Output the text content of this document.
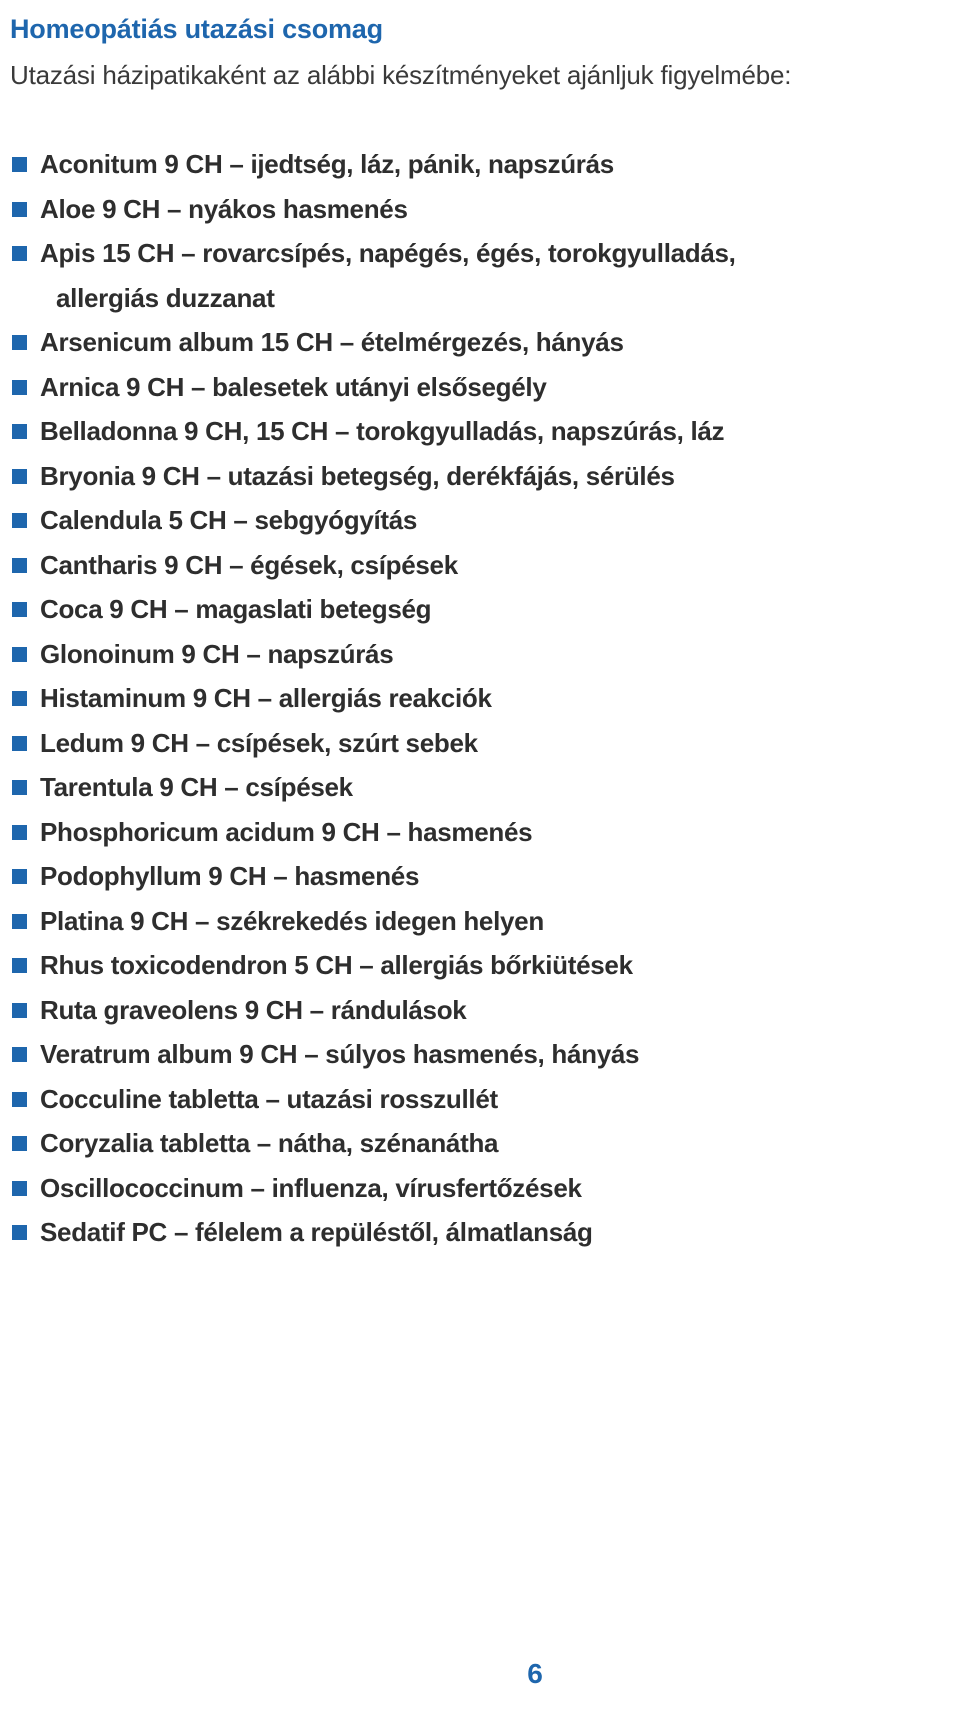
Homeopátiás utazási csomag
Utazási házipatikaként az alábbi készítményeket ajánljuk figyelmébe:
Aconitum 9 CH – ijedtség, láz, pánik, napszúrás
Aloe 9 CH – nyákos hasmenés
Apis 15 CH – rovarcsípés, napégés, égés, torokgyulladás,
allergiás duzzanat
Arsenicum album 15 CH – ételmérgezés, hányás
Arnica 9 CH – balesetek utányi elsősegély
Belladonna 9 CH, 15 CH – torokgyulladás, napszúrás, láz
Bryonia 9 CH – utazási betegség, derékfájás, sérülés
Calendula 5 CH – sebgyógyítás
Cantharis 9 CH – égések, csípések
Coca 9 CH – magaslati betegség
Glonoinum 9 CH – napszúrás
Histaminum 9 CH – allergiás reakciók
Ledum 9 CH – csípések, szúrt sebek
Tarentula 9 CH – csípések
Phosphoricum acidum 9 CH – hasmenés
Podophyllum 9 CH – hasmenés
Platina 9 CH – székrekedés idegen helyen
Rhus toxicodendron 5 CH – allergiás bőrkiütések
Ruta graveolens 9 CH – rándulások
Veratrum album 9 CH – súlyos hasmenés, hányás
Cocculine tabletta – utazási rosszullét
Coryzalia tabletta – nátha, szénanátha
Oscillococcinum – influenza, vírusfertőzések
Sedatif PC – félelem a repüléstől, álmatlanság
6
